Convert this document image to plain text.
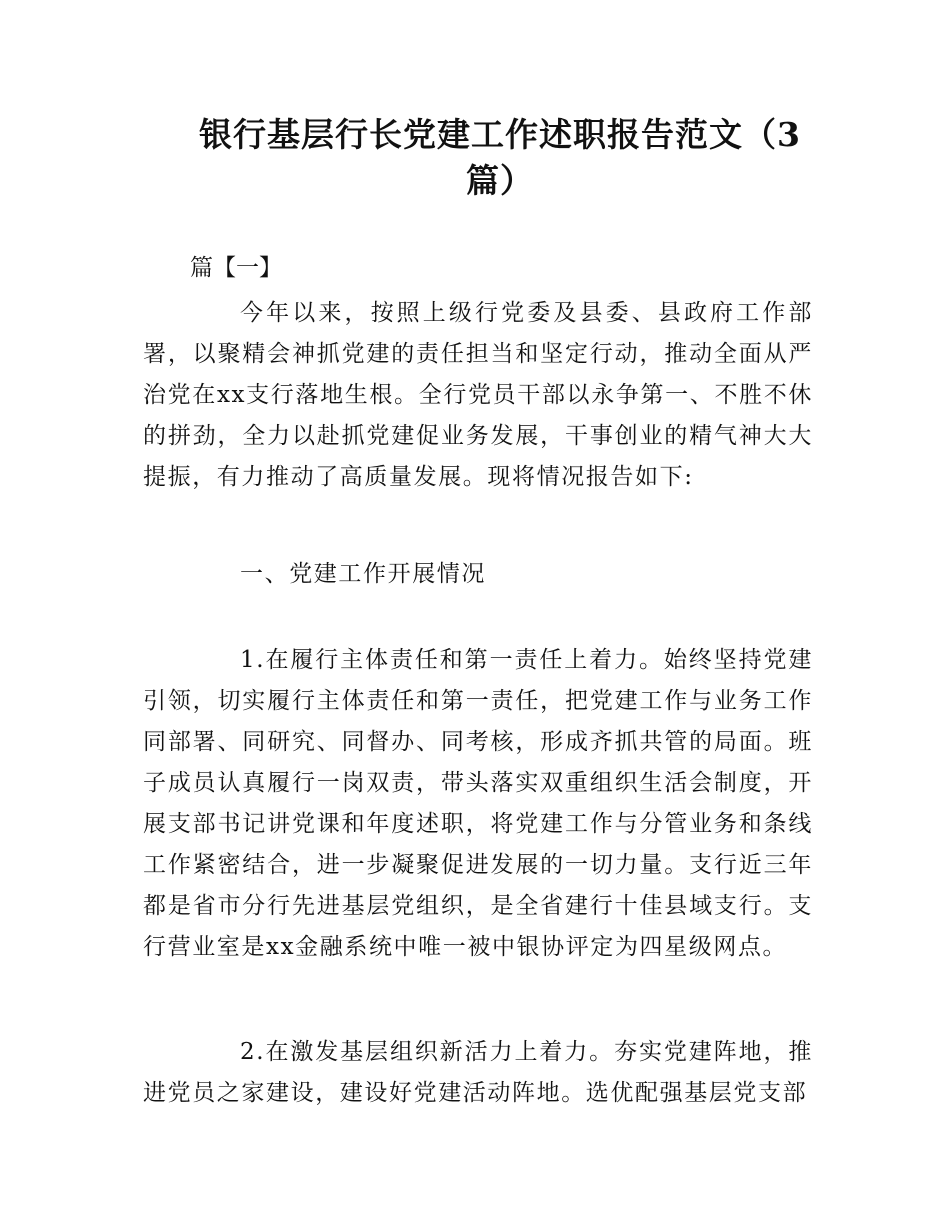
银行基层行长党建工作述职报告范文（3篇）
篇【一】

今年以来，按照上级行党委及县委、县政府工作部署，以聚精会神抓党建的责任担当和坚定行动，推动全面从严治党在xx支行落地生根。全行党员干部以永争第一、不胜不休的拼劲，全力以赴抓党建促业务发展，干事创业的精气神大大提振，有力推动了高质量发展。现将情况报告如下:

一、党建工作开展情况

1.在履行主体责任和第一责任上着力。始终坚持党建引领，切实履行主体责任和第一责任，把党建工作与业务工作同部署、同研究、同督办、同考核，形成齐抓共管的局面。班子成员认真履行一岗双责，带头落实双重组织生活会制度，开展支部书记讲党课和年度述职，将党建工作与分管业务和条线工作紧密结合，进一步凝聚促进发展的一切力量。支行近三年都是省市分行先进基层党组织，是全省建行十佳县域支行。支行营业室是xx金融系统中唯一被中银协评定为四星级网点。

2.在激发基层组织新活力上着力。夯实党建阵地，推进党员之家建设，建设好党建活动阵地。选优配强基层党支部
